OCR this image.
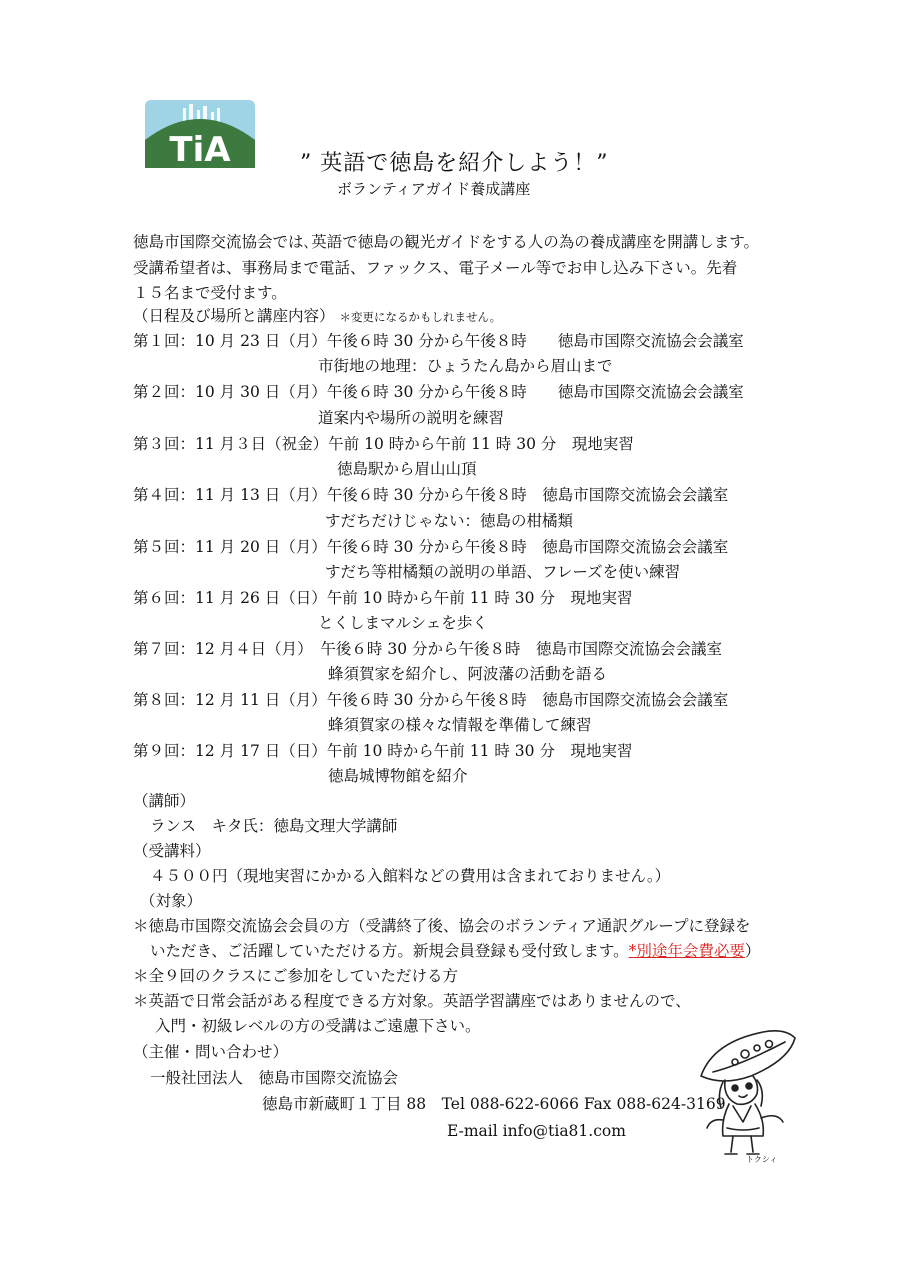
TiA	” 英語で徳島を紹介しよう！”
ボランティアガイド養成講座
徳島市国際交流協会では､英語で徳島の観光ガイドをする人の為の養成講座を開講します。
受講希望者は、事務局まで電話、ファックス、電子メール等でお申し込み下さい。先着
１５名まで受付ます。
（日程及び場所と講座内容） ＊変更になるかもしれません。
第１回：10 月 23 日（月）午後６時 30 分から午後８時　　徳島市国際交流協会会議室
市街地の地理：ひょうたん島から眉山まで
第２回：10 月 30 日（月）午後６時 30 分から午後８時　　徳島市国際交流協会会議室
道案内や場所の説明を練習
第３回：11 月３日（祝金）午前 10 時から午前 11 時 30 分　現地実習
徳島駅から眉山山頂
第４回：11 月 13 日（月）午後６時 30 分から午後８時　徳島市国際交流協会会議室
すだちだけじゃない：徳島の柑橘類
第５回：11 月 20 日（月）午後６時 30 分から午後８時　徳島市国際交流協会会議室
すだち等柑橘類の説明の単語、フレーズを使い練習
第６回：11 月 26 日（日）午前 10 時から午前 11 時 30 分　現地実習
とくしまマルシェを歩く
第７回：12 月４日（月）　午後６時 30 分から午後８時　徳島市国際交流協会会議室
蜂須賀家を紹介し、阿波藩の活動を語る
第８回：12 月 11 日（月）午後６時 30 分から午後８時　徳島市国際交流協会会議室
蜂須賀家の様々な情報を準備して練習
第９回：12 月 17 日（日）午前 10 時から午前 11 時 30 分　現地実習
徳島城博物館を紹介
（講師）
ランス　キタ氏：徳島文理大学講師
（受講料）
４５００円（現地実習にかかる入館料などの費用は含まれておりません。）
（対象）
＊徳島市国際交流協会会員の方（受講終了後、協会のボランティア通訳グループに登録を
いただき、ご活躍していただける方。新規会員登録も受付致します。*別途年会費必要）
＊全９回のクラスにご参加をしていただける方
＊英語で日常会話がある程度できる方対象。英語学習講座ではありませんので、
入門・初級レベルの方の受講はご遠慮下さい。
（主催・問い合わせ）
一般社団法人　徳島市国際交流協会
徳島市新蔵町１丁目 88　Tel 088-622-6066 Fax 088-624-3169
E-mail info@tia81.com
トクシィ
